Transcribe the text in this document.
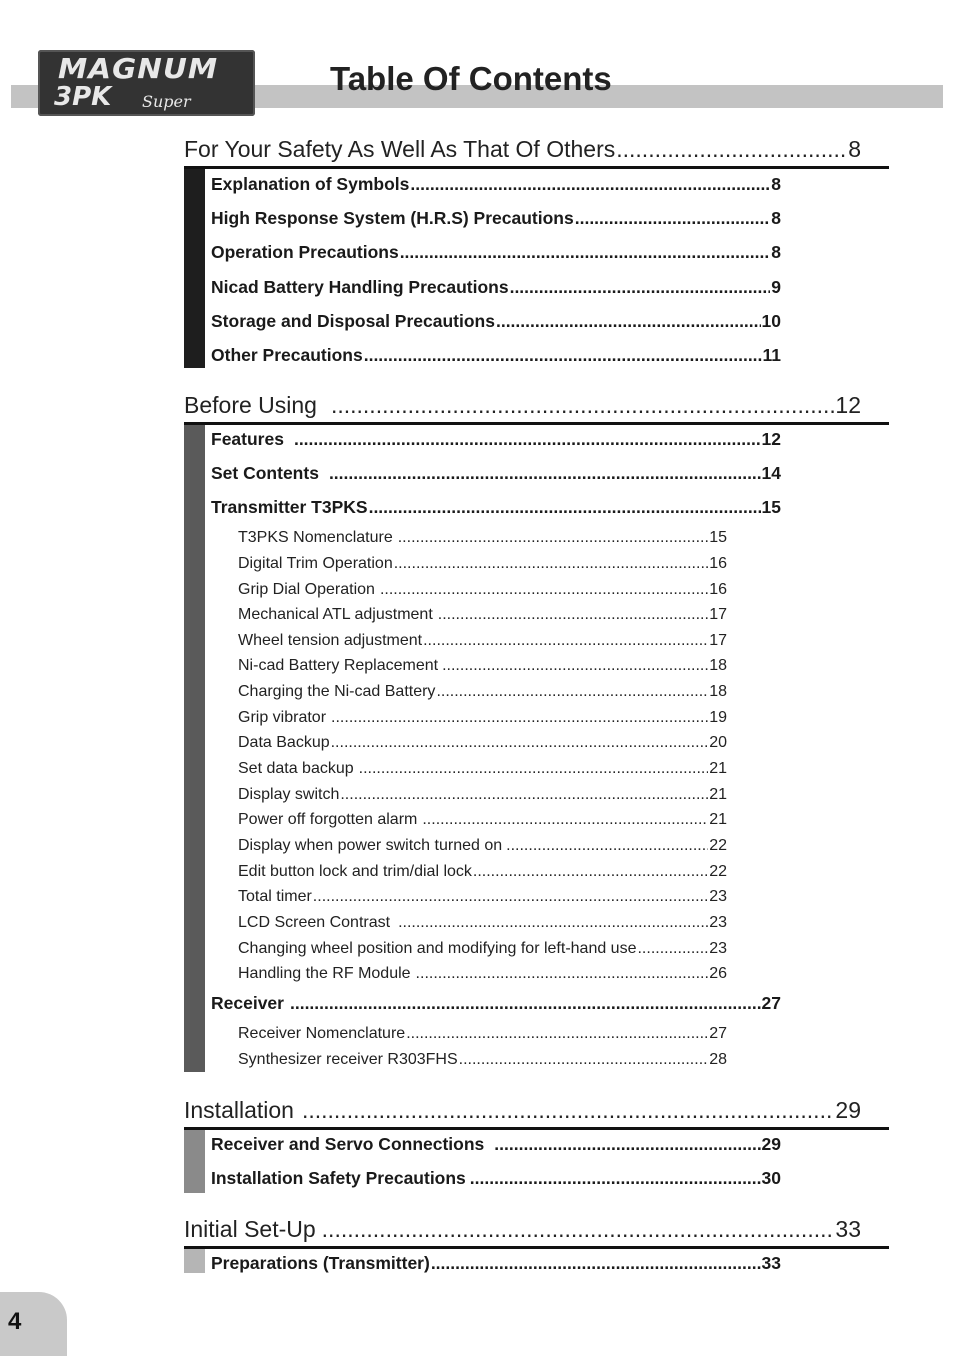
MAGNUM
3PK Super
Table Of Contents
For Your Safety As Well As That Of Others .....	8
Explanation of Symbols .....	8
High Response System (H.R.S) Precautions .....	8
Operation Precautions .....	8
Nicad Battery Handling Precautions .....	9
Storage and Disposal Precautions .....	10
Other Precautions .....	11
Before Using .....	12
Features .....	12
Set Contents .....	14
Transmitter T3PKS .....	15
T3PKS Nomenclature .....	15
Digital Trim Operation .....	16
Grip Dial Operation .....	16
Mechanical ATL adjustment .....	17
Wheel tension adjustment .....	17
Ni-cad Battery Replacement .....	18
Charging the Ni-cad Battery .....	18
Grip vibrator .....	19
Data Backup .....	20
Set data backup .....	21
Display switch .....	21
Power off forgotten alarm .....	21
Display when power switch turned on .....	22
Edit button lock and trim/dial lock .....	22
Total timer .....	23
LCD Screen Contrast .....	23
Changing wheel position and modifying for left-hand use .....	23
Handling the RF Module .....	26
Receiver .....	27
Receiver Nomenclature .....	27
Synthesizer receiver R303FHS .....	28
Installation .....	29
Receiver and Servo Connections .....	29
Installation Safety Precautions .....	30
Initial Set-Up .....	33
Preparations (Transmitter) .....	33
4
